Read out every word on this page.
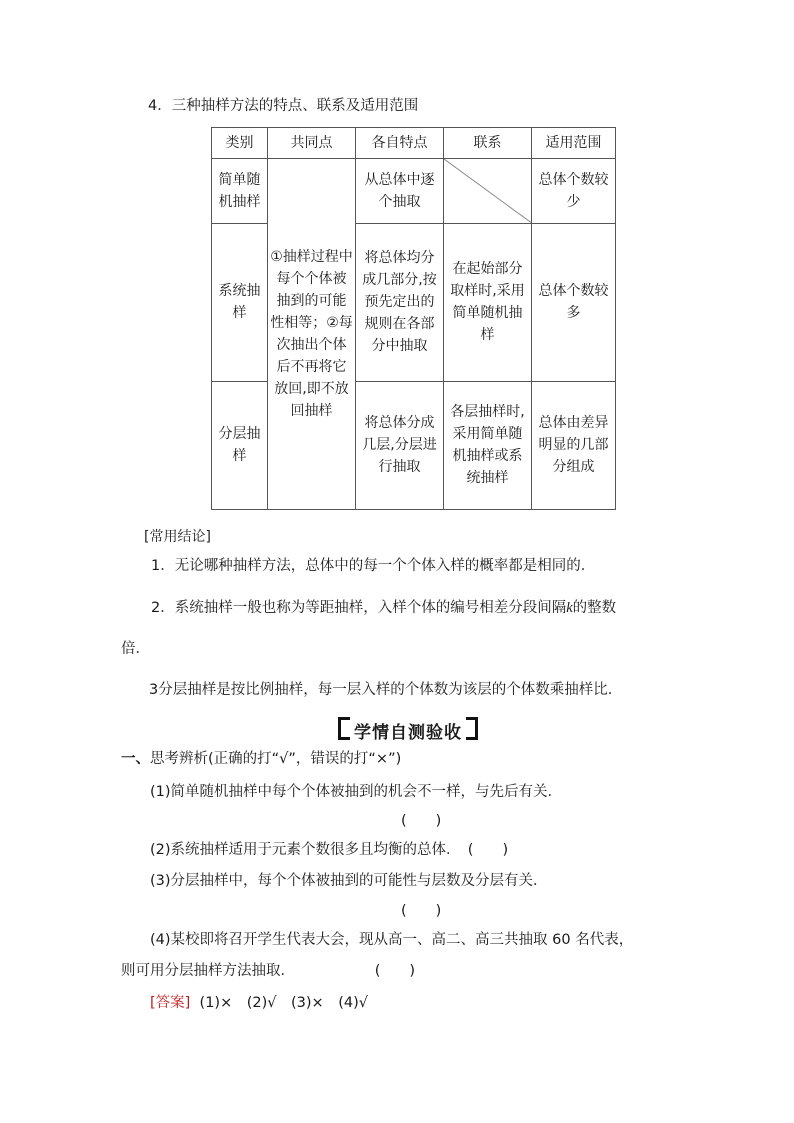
4．三种抽样方法的特点、联系及适用范围
类别	共同点	各自特点	联系	适用范围
简单随机抽样	①抽样过程中每个个体被抽到的可能性相等；②每次抽出个体后不再将它放回,即不放回抽样	从总体中逐个抽取		总体个数较少
系统抽样		将总体均分成几部分,按预先定出的规则在各部分中抽取	在起始部分取样时,采用简单随机抽样	总体个数较多
分层抽样		将总体分成几层,分层进行抽取	各层抽样时,采用简单随机抽样或系统抽样	总体由差异明显的几部分组成
[常用结论]
1．无论哪种抽样方法，总体中的每一个个体入样的概率都是相同的．
2．系统抽样一般也称为等距抽样，入样个体的编号相差分段间隔k的整数
倍．
3分层抽样是按比例抽样，每一层入样的个体数为该层的个体数乘抽样比．
学情自测验收
一、思考辨析(正确的打“√”，错误的打“×”)
(1)简单随机抽样中每个个体被抽到的机会不一样，与先后有关．
(　　)
(2)系统抽样适用于元素个数很多且均衡的总体．　(　　)
(3)分层抽样中，每个个体被抽到的可能性与层数及分层有关．
(　　)
(4)某校即将召开学生代表大会，现从高一、高二、高三共抽取 60 名代表，
则可用分层抽样方法抽取．　　　　　　(　　)
[答案] (1)×　(2)√　(3)×　(4)√
